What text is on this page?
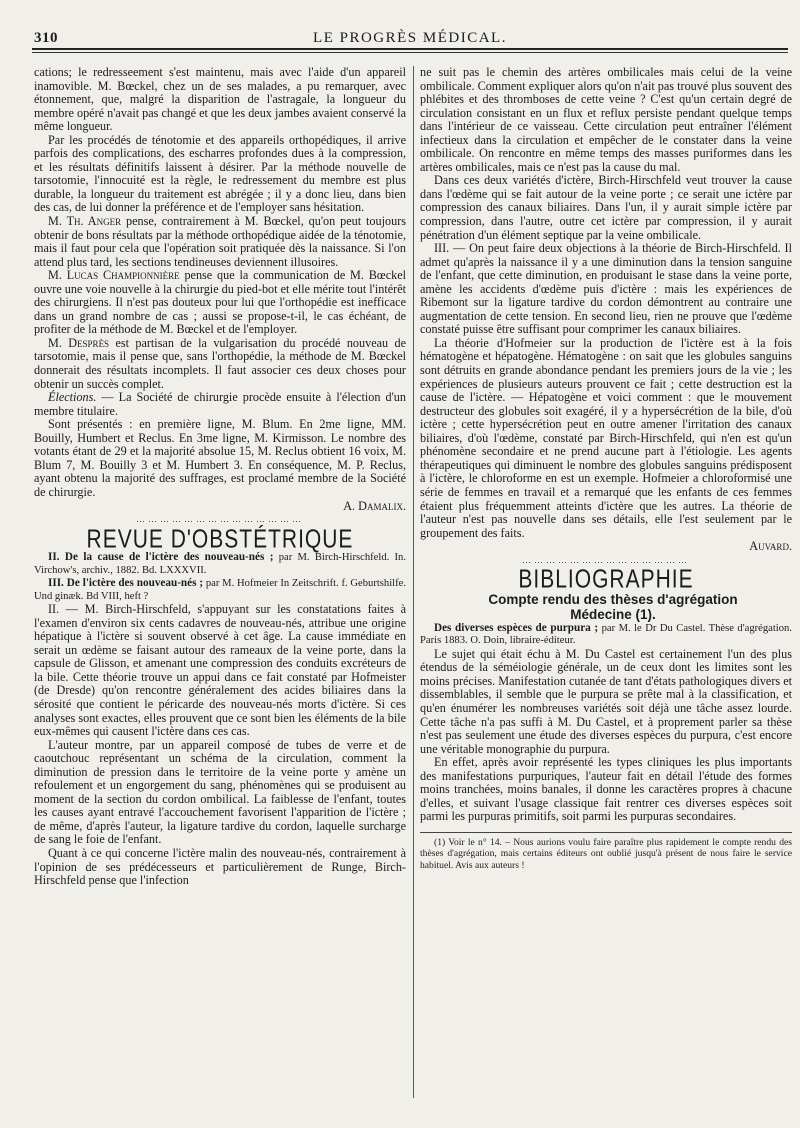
310	LE PROGRÈS MÉDICAL.

cations; le redresseement s'est maintenu, mais avec l'aide d'un appareil inamovible. M. Bœckel, chez un de ses malades, a pu remarquer, avec étonnement, que, malgré la disparition de l'astragale, la longueur du membre opéré n'avait pas changé et que les deux jambes avaient conservé la même longueur.

Par les procédés de ténotomie et des appareils orthopédiques, il arrive parfois des complications, des escharres profondes dues à la compression, et les résultats définitifs laissent à désirer. Par la méthode nouvelle de tarsotomie, l'innocuité est la règle, le redressement du membre est plus durable, la longueur du traitement est abrégée ; il y a donc lieu, dans bien des cas, de lui donner la préférence et de l'employer sans hésitation.

M. Th. Anger pense, contrairement à M. Bœckel, qu'on peut toujours obtenir de bons résultats par la méthode orthopédique aidée de la ténotomie, mais il faut pour cela que l'opération soit pratiquée dès la naissance. Si l'on attend plus tard, les sections tendineuses deviennent illusoires.

M. Lucas Championnière pense que la communication de M. Bœckel ouvre une voie nouvelle à la chirurgie du pied-bot et elle mérite tout l'intérêt des chirurgiens. Il n'est pas douteux pour lui que l'orthopédie est inefficace dans un grand nombre de cas ; aussi se propose-t-il, le cas échéant, de profiter de la méthode de M. Bœckel et de l'employer.

M. Desprès est partisan de la vulgarisation du procédé nouveau de tarsotomie, mais il pense que, sans l'orthopédie, la méthode de M. Bœckel donnerait des résultats incomplets. Il faut associer ces deux choses pour obtenir un succès complet.

Élections. — La Société de chirurgie procède ensuite à l'élection d'un membre titulaire.

Sont présentés : en première ligne, M. Blum. En 2me ligne, MM. Bouilly, Humbert et Reclus. En 3me ligne, M. Kirmisson. Le nombre des votants étant de 29 et la majorité absolue 15, M. Reclus obtient 16 voix, M. Blum 7, M. Bouilly 3 et M. Humbert 3. En conséquence, M. P. Reclus, ayant obtenu la majorité des suffrages, est proclamé membre de la Société de chirurgie.

A. Damalix.

⋯⋯⋯⋯⋯⋯⋯⋯⋯⋯⋯⋯⋯⋯
REVUE D'OBSTÉTRIQUE

II. De la cause de l'ictère des nouveau-nés ; par M. Birch-Hirschfeld. In. Virchow's, archiv., 1882. Bd. LXXXVII.

III. De l'ictère des nouveau-nés ; par M. Hofmeier In Zeitschrift. f. Geburtshilfe. Und ginæk. Bd VIII, heft ?

II. — M. Birch-Hirschfeld, s'appuyant sur les constatations faites à l'examen d'environ six cents cadavres de nouveau-nés, attribue une origine hépatique à l'ictère si souvent observé à cet âge. La cause immédiate en serait un œdème se faisant autour des rameaux de la veine porte, dans la capsule de Glisson, et amenant une compression des conduits excréteurs de la bile. Cette théorie trouve un appui dans ce fait constaté par Hofmeister (de Dresde) qu'on rencontre généralement des acides biliaires dans la sérosité que contient le péricarde des nouveau-nés morts d'ictère. Si ces analyses sont exactes, elles prouvent que ce sont bien les éléments de la bile eux-mêmes qui causent l'ictère dans ces cas.

L'auteur montre, par un appareil composé de tubes de verre et de caoutchouc représentant un schéma de la circulation, comment la diminution de pression dans le territoire de la veine porte y amène un refoulement et un engorgement du sang, phénomènes qui se produisent au moment de la section du cordon ombilical. La faiblesse de l'enfant, toutes les causes ayant entravé l'accouchement favorisent l'apparition de l'ictère ; de même, d'après l'auteur, la ligature tardive du cordon, laquelle surcharge de sang le foie de l'enfant.

Quant à ce qui concerne l'ictère malin des nouveau-nés, contrairement à l'opinion de ses prédécesseurs et particulièrement de Runge, Birch-Hirschfeld pense que l'infection

ne suit pas le chemin des artères ombilicales mais celui de la veine ombilicale. Comment expliquer alors qu'on n'ait pas trouvé plus souvent des phlébites et des thromboses de cette veine ? C'est qu'un certain degré de circulation consistant en un flux et reflux persiste pendant quelque temps dans l'intérieur de ce vaisseau. Cette circulation peut entraîner l'élément infectieux dans la circulation et empêcher de le constater dans la veine ombilicale. On rencontre en même temps des masses puriformes dans les artères ombilicales, mais ce n'est pas la cause du mal.

Dans ces deux variétés d'ictère, Birch-Hirschfeld veut trouver la cause dans l'œdème qui se fait autour de la veine porte ; ce serait une ictère par compression des canaux biliaires. Dans l'un, il y aurait simple ictère par compression, dans l'autre, outre cet ictère par compression, il y aurait pénétration d'un élément septique par la veine ombilicale.

III. — On peut faire deux objections à la théorie de Birch-Hirschfeld. Il admet qu'après la naissance il y a une diminution dans la tension sanguine de l'enfant, que cette diminution, en produisant le stase dans la veine porte, amène les accidents d'œdème puis d'ictère : mais les expériences de Ribemont sur la ligature tardive du cordon démontrent au contraire une augmentation de cette tension. En second lieu, rien ne prouve que l'œdème constaté puisse être suffisant pour comprimer les canaux biliaires.

La théorie d'Hofmeier sur la production de l'ictère est à la fois hématogène et hépatogène. Hématogène : on sait que les globules sanguins sont détruits en grande abondance pendant les premiers jours de la vie ; les expériences de plusieurs auteurs prouvent ce fait ; cette destruction est la cause de l'ictère. — Hépatogène et voici comment : que le mouvement destructeur des globules soit exagéré, il y a hypersécrétion de la bile, d'où ictère ; cette hypersécrétion peut en outre amener l'irritation des canaux biliaires, d'où l'œdème, constaté par Birch-Hirschfeld, qui n'en est qu'un phénomène secondaire et ne prend aucune part à l'étiologie. Les agents thérapeutiques qui diminuent le nombre des globules sanguins prédisposent à l'ictère, le chloroforme en est un exemple. Hofmeier a chloroformisé une série de femmes en travail et a remarqué que les enfants de ces femmes étaient plus fréquemment atteints d'ictère que les autres. La théorie de l'auteur n'est pas nouvelle dans ses détails, elle l'est seulement par le groupement des faits.

Auvard.

⋯⋯⋯⋯⋯⋯⋯⋯⋯⋯⋯⋯⋯⋯
BIBLIOGRAPHIE

Compte rendu des thèses d'agrégation

Médecine (1).

Des diverses espèces de purpura ; par M. le Dr Du Castel. Thèse d'agrégation. Paris 1883. O. Doin, libraire-éditeur.

Le sujet qui était échu à M. Du Castel est certainement l'un des plus étendus de la séméiologie générale, un de ceux dont les limites sont les moins précises. Manifestation cutanée de tant d'états pathologiques divers et dissemblables, il semble que le purpura se prête mal à la classification, et qu'en énumérer les nombreuses variétés soit déjà une tâche assez lourde. Cette tâche n'a pas suffi à M. Du Castel, et à proprement parler sa thèse n'est pas seulement une étude des diverses espèces du purpura, c'est encore une véritable monographie du purpura.

En effet, après avoir représenté les types cliniques les plus importants des manifestations purpuriques, l'auteur fait en détail l'étude des formes moins tranchées, moins banales, il donne les caractères propres à chacune d'elles, et suivant l'usage classique fait rentrer ces diverses espèces soit parmi les purpuras primitifs, soit parmi les purpuras secondaires.

(1) Voir le n° 14. – Nous aurions voulu faire paraître plus rapidement le compte rendu des thèses d'agrégation, mais certains éditeurs ont oublié jusqu'à présent de nous faire le service habituel. Avis aux auteurs !
